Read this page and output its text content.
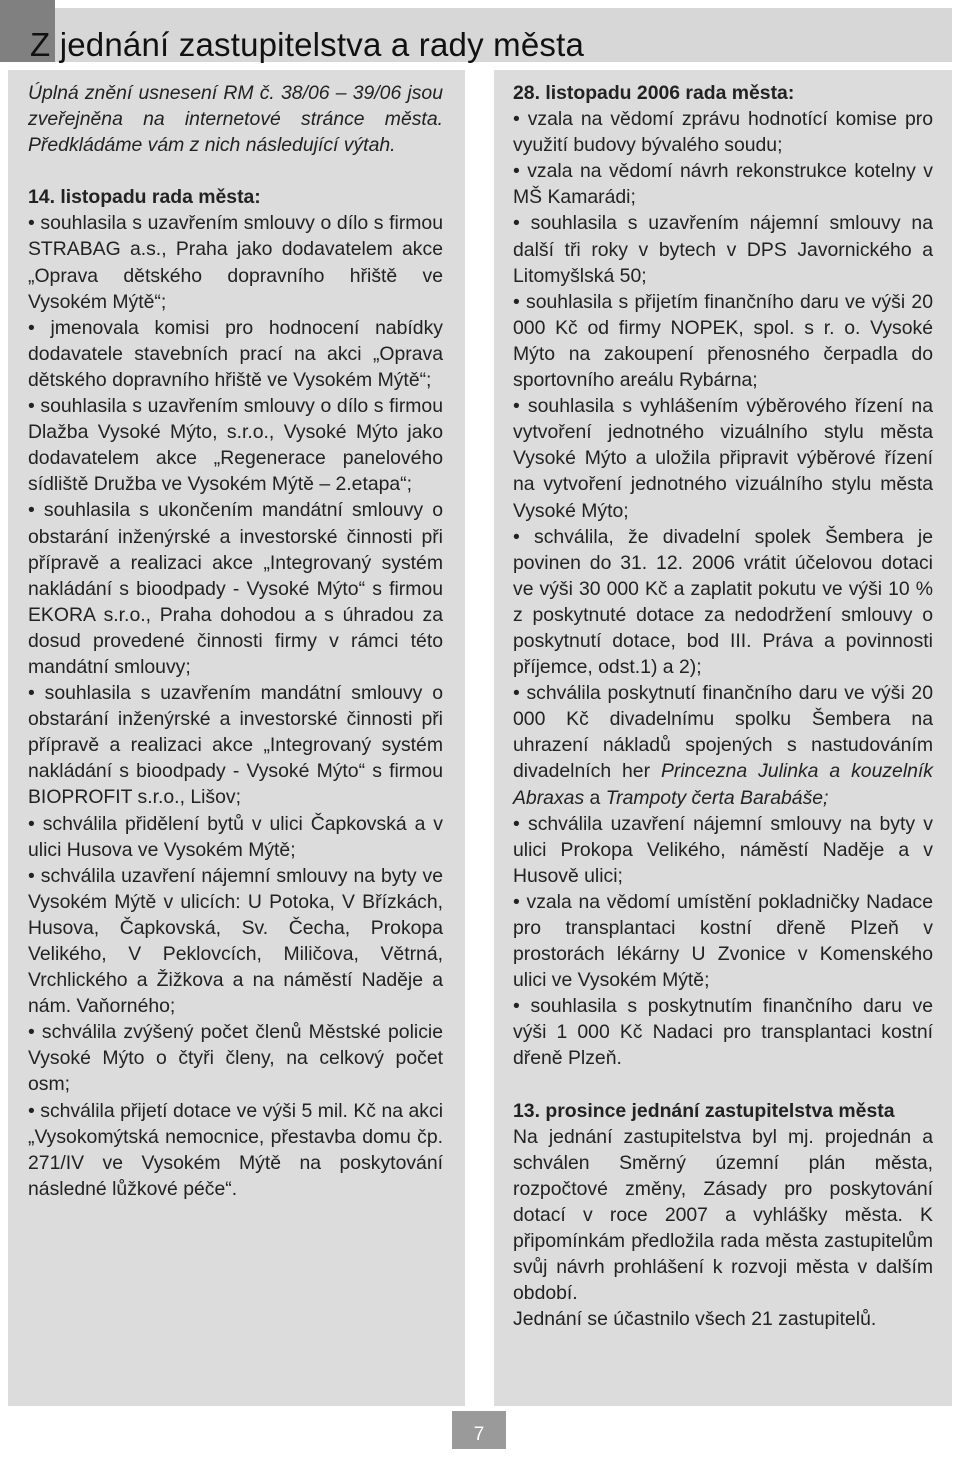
Z jednání zastupitelstva a rady města

Úplná znění usnesení RM č. 38/06 – 39/06 jsou zveřejněna na internetové stránce města. Předkládáme vám z nich následující výtah.

14. listopadu rada města:

• souhlasila s uzavřením smlouvy o dílo s firmou STRABAG a.s., Praha jako dodavatelem akce „Oprava dětského dopravního hřiště ve Vysokém Mýtě“;

• jmenovala komisi pro hodnocení nabídky dodavatele stavebních prací na akci „Oprava dětského dopravního hřiště ve Vysokém Mýtě“;

• souhlasila s uzavřením smlouvy o dílo s firmou Dlažba Vysoké Mýto, s.r.o., Vysoké Mýto jako dodavatelem akce „Regenerace panelového sídliště Družba ve Vysokém Mýtě – 2.etapa“;

• souhlasila s ukončením mandátní smlouvy o obstarání inženýrské a investorské činnosti při přípravě a realizaci akce „Integrovaný systém nakládání s bioodpady - Vysoké Mýto“ s firmou EKORA s.r.o., Praha dohodou a s úhradou za dosud provedené činnosti firmy v rámci této mandátní smlouvy;

• souhlasila s uzavřením mandátní smlouvy o obstarání inženýrské a investorské činnosti při přípravě a realizaci akce „Integrovaný systém nakládání s bioodpady - Vysoké Mýto“ s firmou BIOPROFIT s.r.o., Lišov;

• schválila přidělení bytů v ulici Čapkovská a v ulici Husova ve Vysokém Mýtě;

• schválila uzavření nájemní smlouvy na byty ve Vysokém Mýtě v ulicích: U Potoka, V Břízkách, Husova, Čapkovská, Sv. Čecha, Prokopa Velikého, V Peklovcích, Miličova, Větrná, Vrchlického a Žižkova a na náměstí Naděje a nám. Vaňorného;

• schválila zvýšený počet členů Městské policie Vysoké Mýto o čtyři členy, na celkový počet osm;

• schválila přijetí dotace ve výši 5 mil. Kč na akci „Vysokomýtská nemocnice, přestavba domu čp. 271/IV ve Vysokém Mýtě na poskytování následné lůžkové péče“.

28. listopadu 2006 rada města:

• vzala na vědomí zprávu hodnotící komise pro využití budovy bývalého soudu;

• vzala na vědomí návrh rekonstrukce kotelny v MŠ Kamarádi;

• souhlasila s uzavřením nájemní smlouvy na další tři roky v bytech v DPS Javornického a Litomyšlská 50;

• souhlasila s přijetím finančního daru ve výši 20 000 Kč od firmy NOPEK, spol. s r. o. Vysoké Mýto na zakoupení přenosného čerpadla do sportovního areálu Rybárna;

• souhlasila s vyhlášením výběrového řízení na vytvoření jednotného vizuálního stylu města Vysoké Mýto a uložila připravit výběrové řízení na vytvoření jednotného vizuálního stylu města Vysoké Mýto;

• schválila, že divadelní spolek Šembera je povinen do 31. 12. 2006 vrátit účelovou dotaci ve výši 30 000 Kč a zaplatit pokutu ve výši 10 % z poskytnuté dotace za nedodržení smlouvy o poskytnutí dotace, bod III. Práva a povinnosti příjemce, odst.1) a 2);

• schválila poskytnutí finančního daru ve výši 20 000 Kč divadelnímu spolku Šembera na uhrazení nákladů spojených s nastudováním divadelních her Princezna Julinka a kouzelník Abraxas a Trampoty čerta Barabáše;

• schválila uzavření nájemní smlouvy na byty v ulici Prokopa Velikého, náměstí Naděje a v Husově ulici;

• vzala na vědomí umístění pokladničky Nadace pro transplantaci kostní dřeně Plzeň v prostorách lékárny U Zvonice v Komenského ulici ve Vysokém Mýtě;

• souhlasila s poskytnutím finančního daru ve výši 1 000 Kč Nadaci pro transplantaci kostní dřeně Plzeň.

13. prosince jednání zastupitelstva města

Na jednání zastupitelstva byl mj. projednán a schválen Směrný územní plán města, rozpočtové změny, Zásady pro poskytování dotací v roce 2007 a vyhlášky města. K připomínkám předložila rada města zastupitelům svůj návrh prohlášení k rozvoji města v dalším období.

Jednání se účastnilo všech 21 zastupitelů.

7
